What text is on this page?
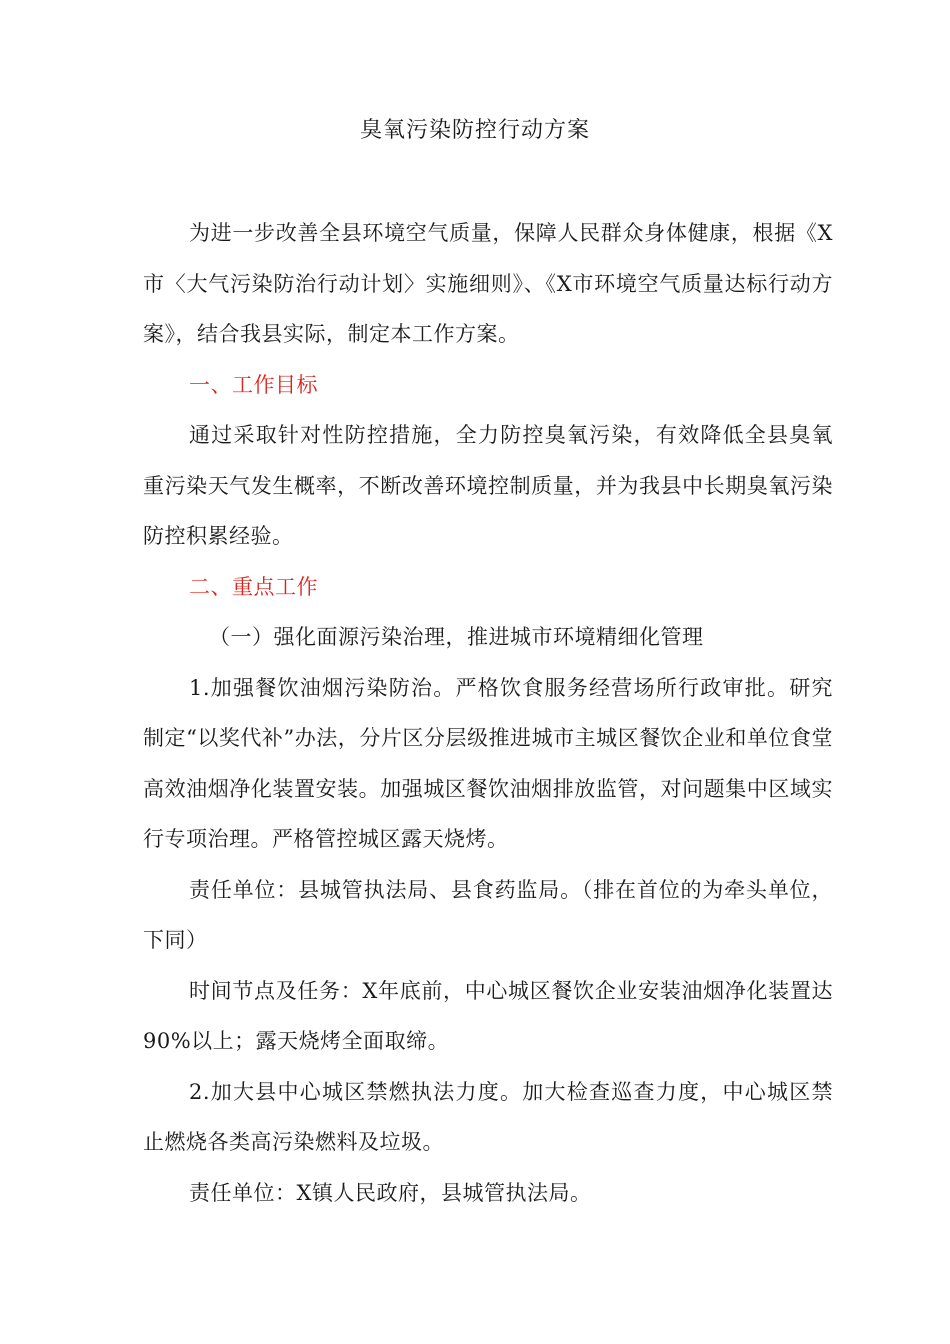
臭氧污染防控行动方案

为进一步改善全县环境空气质量，保障人民群众身体健康，根据《X市〈大气污染防治行动计划〉实施细则》、《X市环境空气质量达标行动方案》，结合我县实际，制定本工作方案。

一、工作目标

通过采取针对性防控措施，全力防控臭氧污染，有效降低全县臭氧重污染天气发生概率，不断改善环境控制质量，并为我县中长期臭氧污染防控积累经验。

二、重点工作

（一）强化面源污染治理，推进城市环境精细化管理

1.加强餐饮油烟污染防治。严格饮食服务经营场所行政审批。研究制定“以奖代补”办法，分片区分层级推进城市主城区餐饮企业和单位食堂高效油烟净化装置安装。加强城区餐饮油烟排放监管，对问题集中区域实行专项治理。严格管控城区露天烧烤。

责任单位：县城管执法局、县食药监局。（排在首位的为牵头单位，下同）

时间节点及任务：X年底前，中心城区餐饮企业安装油烟净化装置达90%以上；露天烧烤全面取缔。

2.加大县中心城区禁燃执法力度。加大检查巡查力度，中心城区禁止燃烧各类高污染燃料及垃圾。

责任单位：X镇人民政府，县城管执法局。
